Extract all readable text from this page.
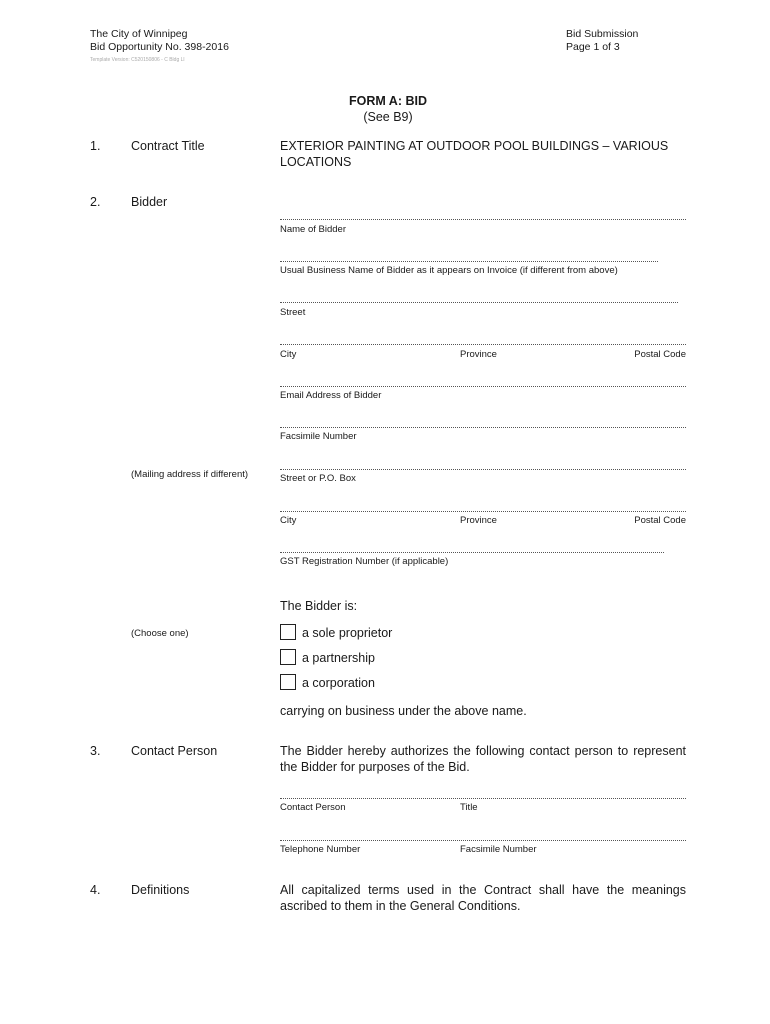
The City of Winnipeg
Bid Opportunity No. 398-2016
Template Version: C520150806 - C Bldg Ll
Bid Submission
Page 1 of 3
FORM A: BID
(See B9)
1. Contract Title	EXTERIOR PAINTING AT OUTDOOR POOL BUILDINGS – VARIOUS
LOCATIONS
2. Bidder
Name of Bidder
Usual Business Name of Bidder as it appears on Invoice (if different from above)
Street
City	Province	Postal Code
Email Address of Bidder
Facsimile Number
(Mailing address if different)	Street or P.O. Box
City	Province	Postal Code
GST Registration Number (if applicable)
The Bidder is:
(Choose one)	a sole proprietor
a partnership
a corporation
carrying on business under the above name.
3. Contact Person	The Bidder hereby authorizes the following contact person to represent the Bidder for purposes of the Bid.
Contact Person	Title
Telephone Number	Facsimile Number
4. Definitions	All capitalized terms used in the Contract shall have the meanings ascribed to them in the General Conditions.
